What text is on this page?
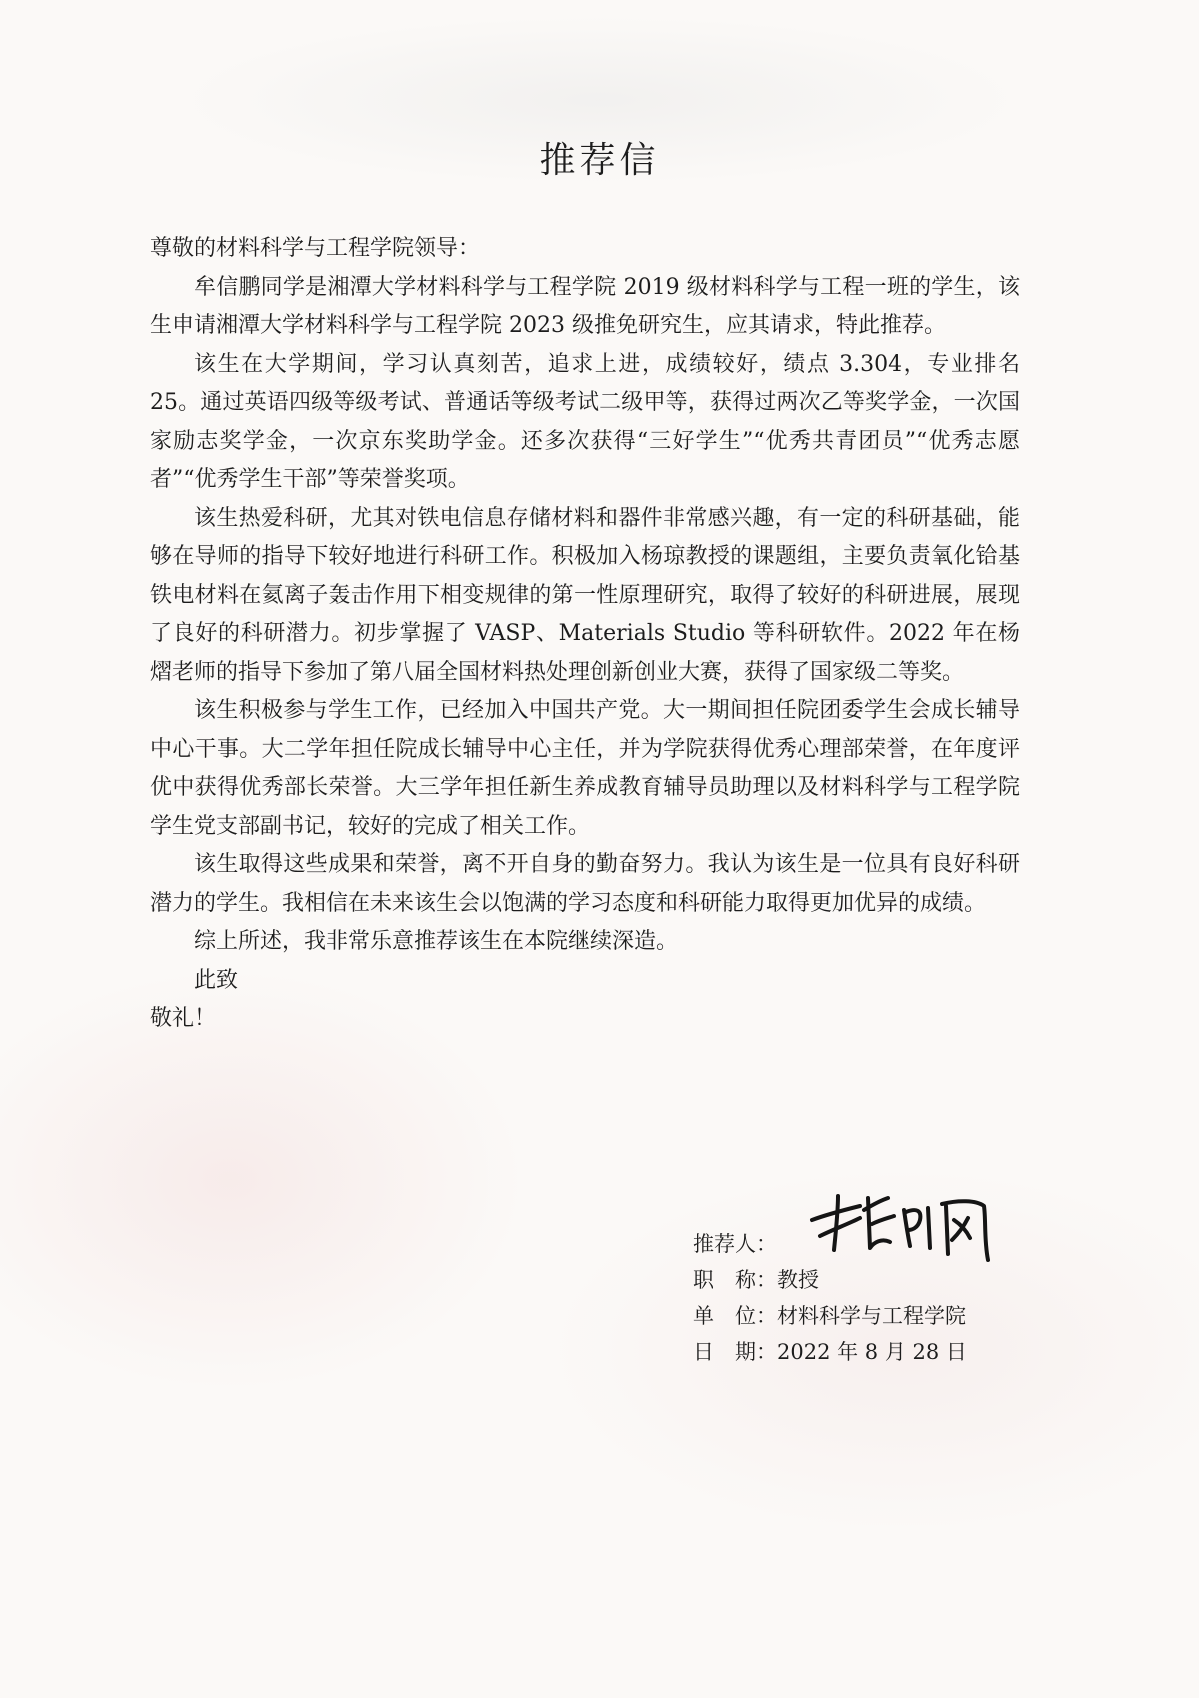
推荐信

尊敬的材料科学与工程学院领导：

牟信鹏同学是湘潭大学材料科学与工程学院 2019 级材料科学与工程一班的学生，该生申请湘潭大学材料科学与工程学院 2023 级推免研究生，应其请求，特此推荐。

该生在大学期间，学习认真刻苦，追求上进，成绩较好，绩点 3.304，专业排名 25。通过英语四级等级考试、普通话等级考试二级甲等，获得过两次乙等奖学金，一次国家励志奖学金，一次京东奖助学金。还多次获得“三好学生”“优秀共青团员”“优秀志愿者”“优秀学生干部”等荣誉奖项。

该生热爱科研，尤其对铁电信息存储材料和器件非常感兴趣，有一定的科研基础，能够在导师的指导下较好地进行科研工作。积极加入杨琼教授的课题组，主要负责氧化铪基铁电材料在氦离子轰击作用下相变规律的第一性原理研究，取得了较好的科研进展，展现了良好的科研潜力。初步掌握了 VASP、Materials Studio 等科研软件。2022 年在杨熠老师的指导下参加了第八届全国材料热处理创新创业大赛，获得了国家级二等奖。

该生积极参与学生工作，已经加入中国共产党。大一期间担任院团委学生会成长辅导中心干事。大二学年担任院成长辅导中心主任，并为学院获得优秀心理部荣誉，在年度评优中获得优秀部长荣誉。大三学年担任新生养成教育辅导员助理以及材料科学与工程学院学生党支部副书记，较好的完成了相关工作。

该生取得这些成果和荣誉，离不开自身的勤奋努力。我认为该生是一位具有良好科研潜力的学生。我相信在未来该生会以饱满的学习态度和科研能力取得更加优异的成绩。

综上所述，我非常乐意推荐该生在本院继续深造。

此致

敬礼！

推荐人：
职　称：教授
单　位：材料科学与工程学院
日　期：2022 年 8 月 28 日
